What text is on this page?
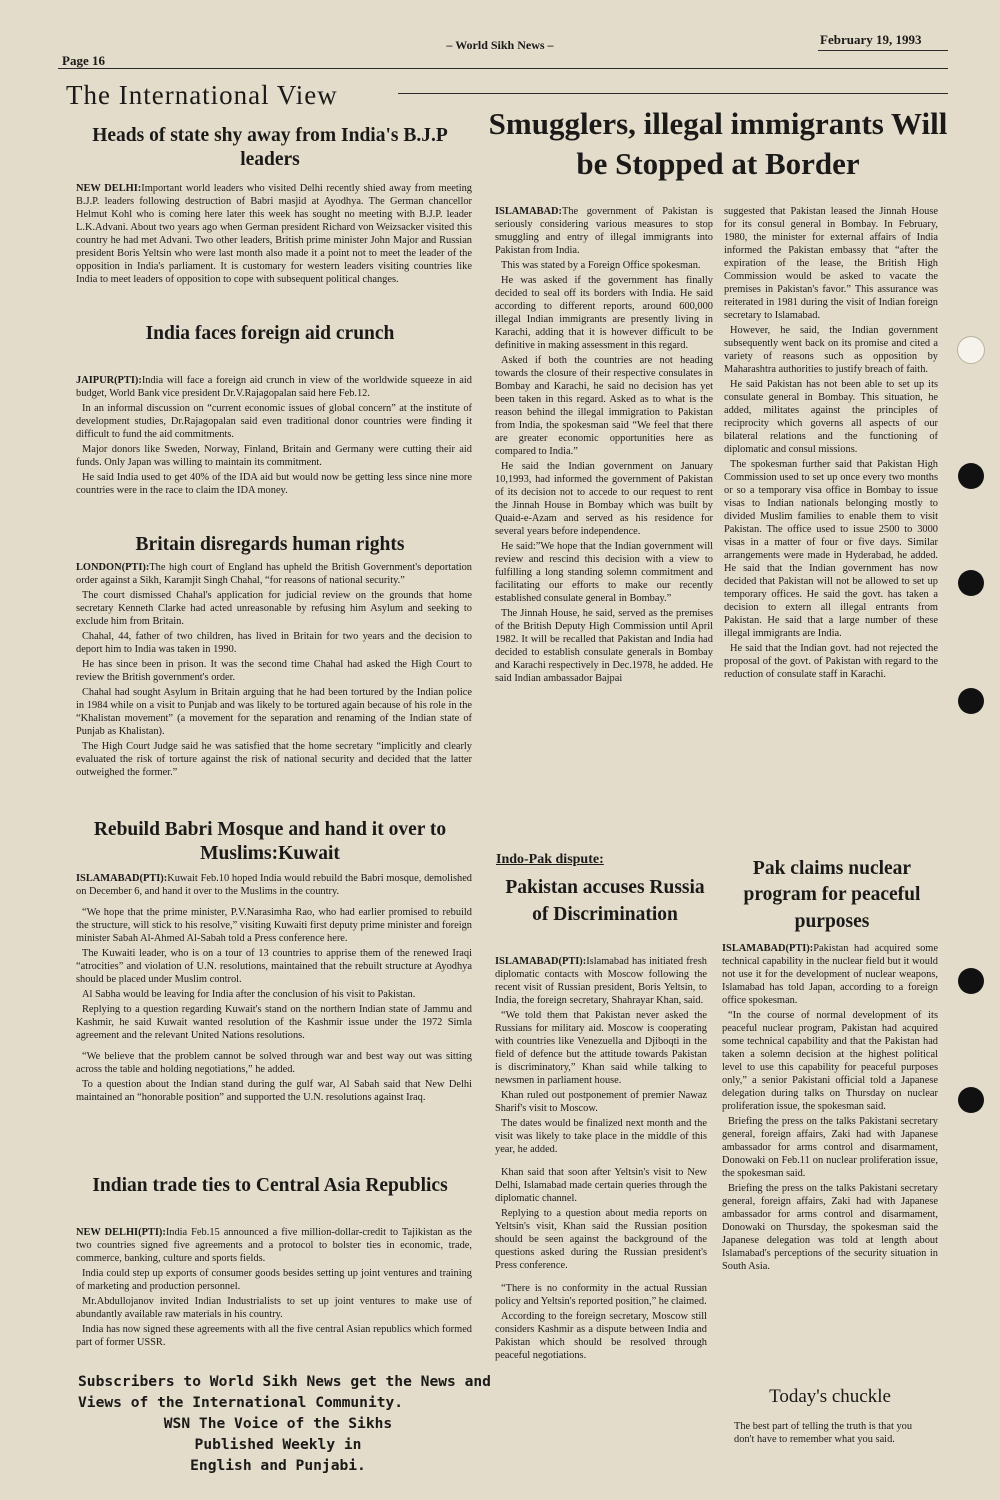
Page 16
– World Sikh News –	February 19, 1993
The International View
Heads of state shy away from India's B.J.P leaders

NEW DELHI:Important world leaders who visited Delhi recently shied away from meeting B.J.P. leaders following destruction of Babri masjid at Ayodhya. The German chancellor Helmut Kohl who is coming here later this week has sought no meeting with B.J.P. leader L.K.Advani. About two years ago when German president Richard von Weizsacker visited this country he had met Advani. Two other leaders, British prime minister John Major and Russian president Boris Yeltsin who were last month also made it a point not to meet the leader of the opposition in India's parliament. It is customary for western leaders visiting countries like India to meet leaders of opposition to cope with subsequent political changes.

India faces foreign aid crunch

JAIPUR(PTI):India will face a foreign aid crunch in view of the worldwide squeeze in aid budget, World Bank vice president Dr.V.Rajagopalan said here Feb.12.

In an informal discussion on “current economic issues of global concern” at the institute of development studies, Dr.Rajagopalan said even traditional donor countries were finding it difficult to fund the aid commitments.

Major donors like Sweden, Norway, Finland, Britain and Germany were cutting their aid funds. Only Japan was willing to maintain its commitment.

He said India used to get 40% of the IDA aid but would now be getting less since nine more countries were in the race to claim the IDA money.

Britain disregards human rights

LONDON(PTI):The high court of England has upheld the British Government's deportation order against a Sikh, Karamjit Singh Chahal, “for reasons of national security.”

The court dismissed Chahal's application for judicial review on the grounds that home secretary Kenneth Clarke had acted unreasonable by refusing him Asylum and seeking to exclude him from Britain.

Chahal, 44, father of two children, has lived in Britain for two years and the decision to deport him to India was taken in 1990.

He has since been in prison. It was the second time Chahal had asked the High Court to review the British government's order.

Chahal had sought Asylum in Britain arguing that he had been tortured by the Indian police in 1984 while on a visit to Punjab and was likely to be tortured again because of his role in the “Khalistan movement” (a movement for the separation and renaming of the Indian state of Punjab as Khalistan).

The High Court Judge said he was satisfied that the home secretary “implicitly and clearly evaluated the risk of torture against the risk of national security and decided that the latter outweighed the former.”

Rebuild Babri Mosque and hand it over to Muslims:Kuwait

ISLAMABAD(PTI):Kuwait Feb.10 hoped India would rebuild the Babri mosque, demolished on December 6, and hand it over to the Muslims in the country.

“We hope that the prime minister, P.V.Narasimha Rao, who had earlier promised to rebuild the structure, will stick to his resolve,” visiting Kuwaiti first deputy prime minister and foreign minister Sabah Al-Ahmed Al-Sabah told a Press conference here.

The Kuwaiti leader, who is on a tour of 13 countries to apprise them of the renewed Iraqi “atrocities” and violation of U.N. resolutions, maintained that the rebuilt structure at Ayodhya should be placed under Muslim control.

Al Sabha would be leaving for India after the conclusion of his visit to Pakistan.

Replying to a question regarding Kuwait's stand on the northern Indian state of Jammu and Kashmir, he said Kuwait wanted resolution of the Kashmir issue under the 1972 Simla agreement and the relevant United Nations resolutions.

“We believe that the problem cannot be solved through war and best way out was sitting across the table and holding negotiations,” he added.

To a question about the Indian stand during the gulf war, Al Sabah said that New Delhi maintained an “honorable position” and supported the U.N. resolutions against Iraq.

Indian trade ties to Central Asia Republics

NEW DELHI(PTI):India Feb.15 announced a five million-dollar-credit to Tajikistan as the two countries signed five agreements and a protocol to bolster ties in economic, trade, commerce, banking, culture and sports fields.

India could step up exports of consumer goods besides setting up joint ventures and training of marketing and production personnel.

Mr.Abdullojanov invited Indian Industrialists to set up joint ventures to make use of abundantly available raw materials in his country.

India has now signed these agreements with all the five central Asian republics which formed part of former USSR.

Subscribers to World Sikh News get the News and
Views of the International Community.
WSN The Voice of the Sikhs
Published Weekly in
English and Punjabi.
Smugglers, illegal immigrants Will be Stopped at Border

ISLAMABAD:The government of Pakistan is seriously considering various measures to stop smuggling and entry of illegal immigrants into Pakistan from India.

This was stated by a Foreign Office spokesman.

He was asked if the government has finally decided to seal off its borders with India. He said according to different reports, around 600,000 illegal Indian immigrants are presently living in Karachi, adding that it is however difficult to be definitive in making assessment in this regard.

Asked if both the countries are not heading towards the closure of their respective consulates in Bombay and Karachi, he said no decision has yet been taken in this regard. Asked as to what is the reason behind the illegal immigration to Pakistan from India, the spokesman said “We feel that there are greater economic opportunities here as compared to India.”

He said the Indian government on January 10,1993, had informed the government of Pakistan of its decision not to accede to our request to rent the Jinnah House in Bombay which was built by Quaid-e-Azam and served as his residence for several years before independence.

He said:”We hope that the Indian government will review and rescind this decision with a view to fulfilling a long standing solemn commitment and facilitating our efforts to make our recently established consulate general in Bombay.”

The Jinnah House, he said, served as the premises of the British Deputy High Commission until April 1982. It will be recalled that Pakistan and India had decided to establish consulate generals in Bombay and Karachi respectively in Dec.1978, he added. He said Indian ambassador Bajpai

suggested that Pakistan leased the Jinnah House for its consul general in Bombay. In February, 1980, the minister for external affairs of India informed the Pakistan embassy that “after the expiration of the lease, the British High Commission would be asked to vacate the premises in Pakistan's favor.” This assurance was reiterated in 1981 during the visit of Indian foreign secretary to Islamabad.

However, he said, the Indian government subsequently went back on its promise and cited a variety of reasons such as opposition by Maharashtra authorities to justify breach of faith.

He said Pakistan has not been able to set up its consulate general in Bombay. This situation, he added, militates against the principles of reciprocity which governs all aspects of our bilateral relations and the functioning of diplomatic and consul missions.

The spokesman further said that Pakistan High Commission used to set up once every two months or so a temporary visa office in Bombay to issue visas to Indian nationals belonging mostly to divided Muslim families to enable them to visit Pakistan. The office used to issue 2500 to 3000 visas in a matter of four or five days. Similar arrangements were made in Hyderabad, he added. He said that the Indian government has now decided that Pakistan will not be allowed to set up temporary offices. He said the govt. has taken a decision to extern all illegal entrants from Pakistan. He said that a large number of these illegal immigrants are India.

He said that the Indian govt. had not rejected the proposal of the govt. of Pakistan with regard to the reduction of consulate staff in Karachi.

Indo-Pak dispute:
Pakistan accuses Russia of Discrimination

ISLAMABAD(PTI):Islamabad has initiated fresh diplomatic contacts with Moscow following the recent visit of Russian president, Boris Yeltsin, to India, the foreign secretary, Shahrayar Khan, said.

“We told them that Pakistan never asked the Russians for military aid. Moscow is cooperating with countries like Venezuella and Djiboqti in the field of defence but the attitude towards Pakistan is discriminatory,” Khan said while talking to newsmen in parliament house.

Khan ruled out postponement of premier Nawaz Sharif's visit to Moscow.

The dates would be finalized next month and the visit was likely to take place in the middle of this year, he added.

Khan said that soon after Yeltsin's visit to New Delhi, Islamabad made certain queries through the diplomatic channel.

Replying to a question about media reports on Yeltsin's visit, Khan said the Russian position should be seen against the background of the questions asked during the Russian president's Press conference.

“There is no conformity in the actual Russian policy and Yeltsin's reported position,” he claimed.

According to the foreign secretary, Moscow still considers Kashmir as a dispute between India and Pakistan which should be resolved through peaceful negotiations.

Pak claims nuclear program for peaceful purposes

ISLAMABAD(PTI):Pakistan had acquired some technical capability in the nuclear field but it would not use it for the development of nuclear weapons, Islamabad has told Japan, according to a foreign office spokesman.

“In the course of normal development of its peaceful nuclear program, Pakistan had acquired some technical capability and that the Pakistan had taken a solemn decision at the highest political level to use this capability for peaceful purposes only,” a senior Pakistani official told a Japanese delegation during talks on Thursday on nuclear proliferation issue, the spokesman said.

Briefing the press on the talks Pakistani secretary general, foreign affairs, Zaki had with Japanese ambassador for arms control and disarmament, Donowaki on Feb.11 on nuclear proliferation issue, the spokesman said.

Briefing the press on the talks Pakistani secretary general, foreign affairs, Zaki had with Japanese ambassador for arms control and disarmament, Donowaki on Thursday, the spokesman said the Japanese delegation was told at length about Islamabad's perceptions of the security situation in South Asia.

Today's chuckle

The best part of telling the truth is that you don't have to remember what you said.
